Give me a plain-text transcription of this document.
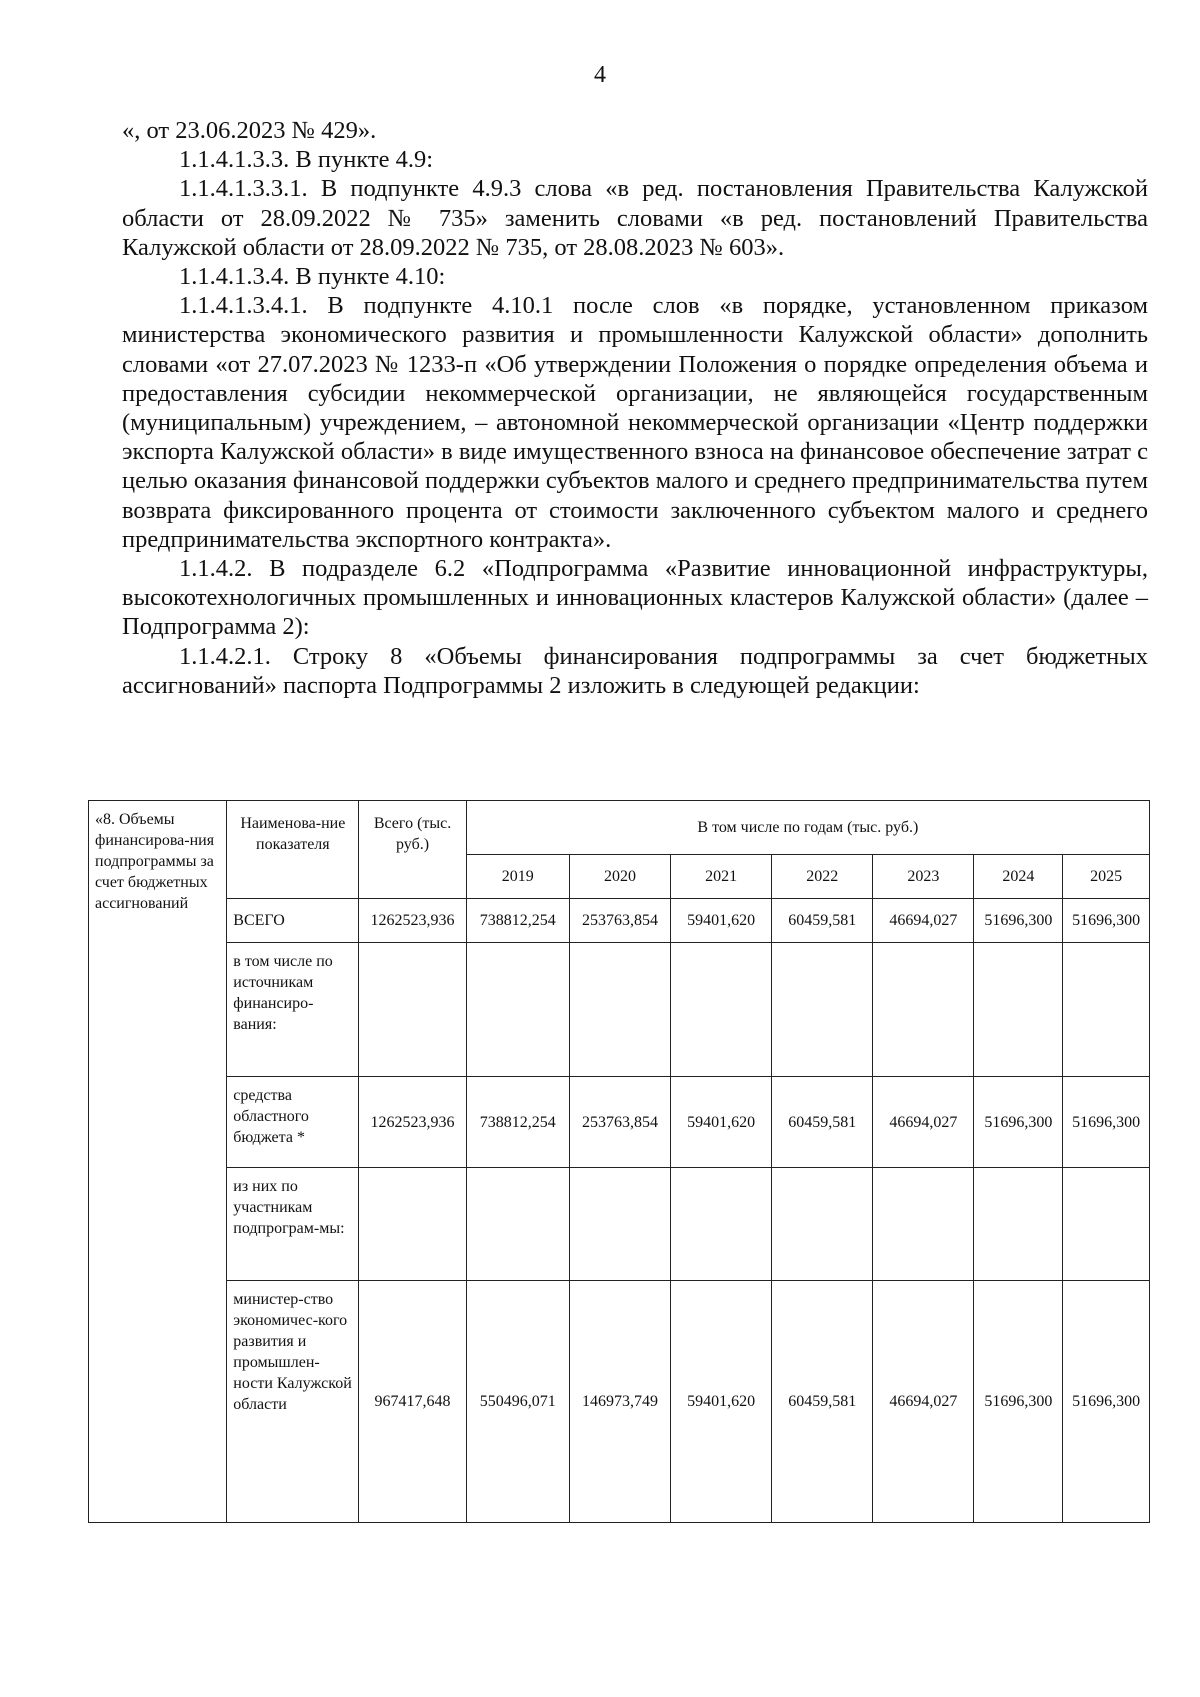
4

«, от 23.06.2023 № 429».

1.1.4.1.3.3. В пункте 4.9:

1.1.4.1.3.3.1. В подпункте 4.9.3 слова «в ред. постановления Правительства Калужской области от 28.09.2022 № 735» заменить словами «в ред. постановлений Правительства Калужской области от 28.09.2022 № 735, от 28.08.2023 № 603».

1.1.4.1.3.4. В пункте 4.10:

1.1.4.1.3.4.1. В подпункте 4.10.1 после слов «в порядке, установленном приказом министерства экономического развития и промышленности Калужской области» дополнить словами «от 27.07.2023 № 1233-п «Об утверждении Положения о порядке определения объема и предоставления субсидии некоммерческой организации, не являющейся государственным (муниципальным) учреждением, – автономной некоммерческой организации «Центр поддержки экспорта Калужской области» в виде имущественного взноса на финансовое обеспечение затрат с целью оказания финансовой поддержки субъектов малого и среднего предпринимательства путем возврата фиксированного процента от стоимости заключенного субъектом малого и среднего предпринимательства экспортного контракта».

1.1.4.2. В подразделе 6.2 «Подпрограмма «Развитие инновационной инфраструктуры, высокотехнологичных промышленных и инновационных кластеров Калужской области» (далее – Подпрограмма 2):

1.1.4.2.1. Строку 8 «Объемы финансирования подпрограммы за счет бюджетных ассигнований» паспорта Подпрограммы 2 изложить в следующей редакции:

«8. Объемы финансирова-ния подпрограммы за счет бюджетных ассигнований	Наименова-ние показателя	Всего (тыс. руб.)	В том числе по годам (тыс. руб.)						
			2019	2020	2021	2022	2023	2024	2025
	ВСЕГО	1262523,936	738812,254	253763,854	59401,620	60459,581	46694,027	51696,300	51696,300
	в том числе по источникам финансиро-вания:								
	средства областного бюджета *	1262523,936	738812,254	253763,854	59401,620	60459,581	46694,027	51696,300	51696,300
	из них по участникам подпрограм-мы:								
	министер-ство экономичес-кого развития и промышлен-ности Калужской области	967417,648	550496,071	146973,749	59401,620	60459,581	46694,027	51696,300	51696,300
